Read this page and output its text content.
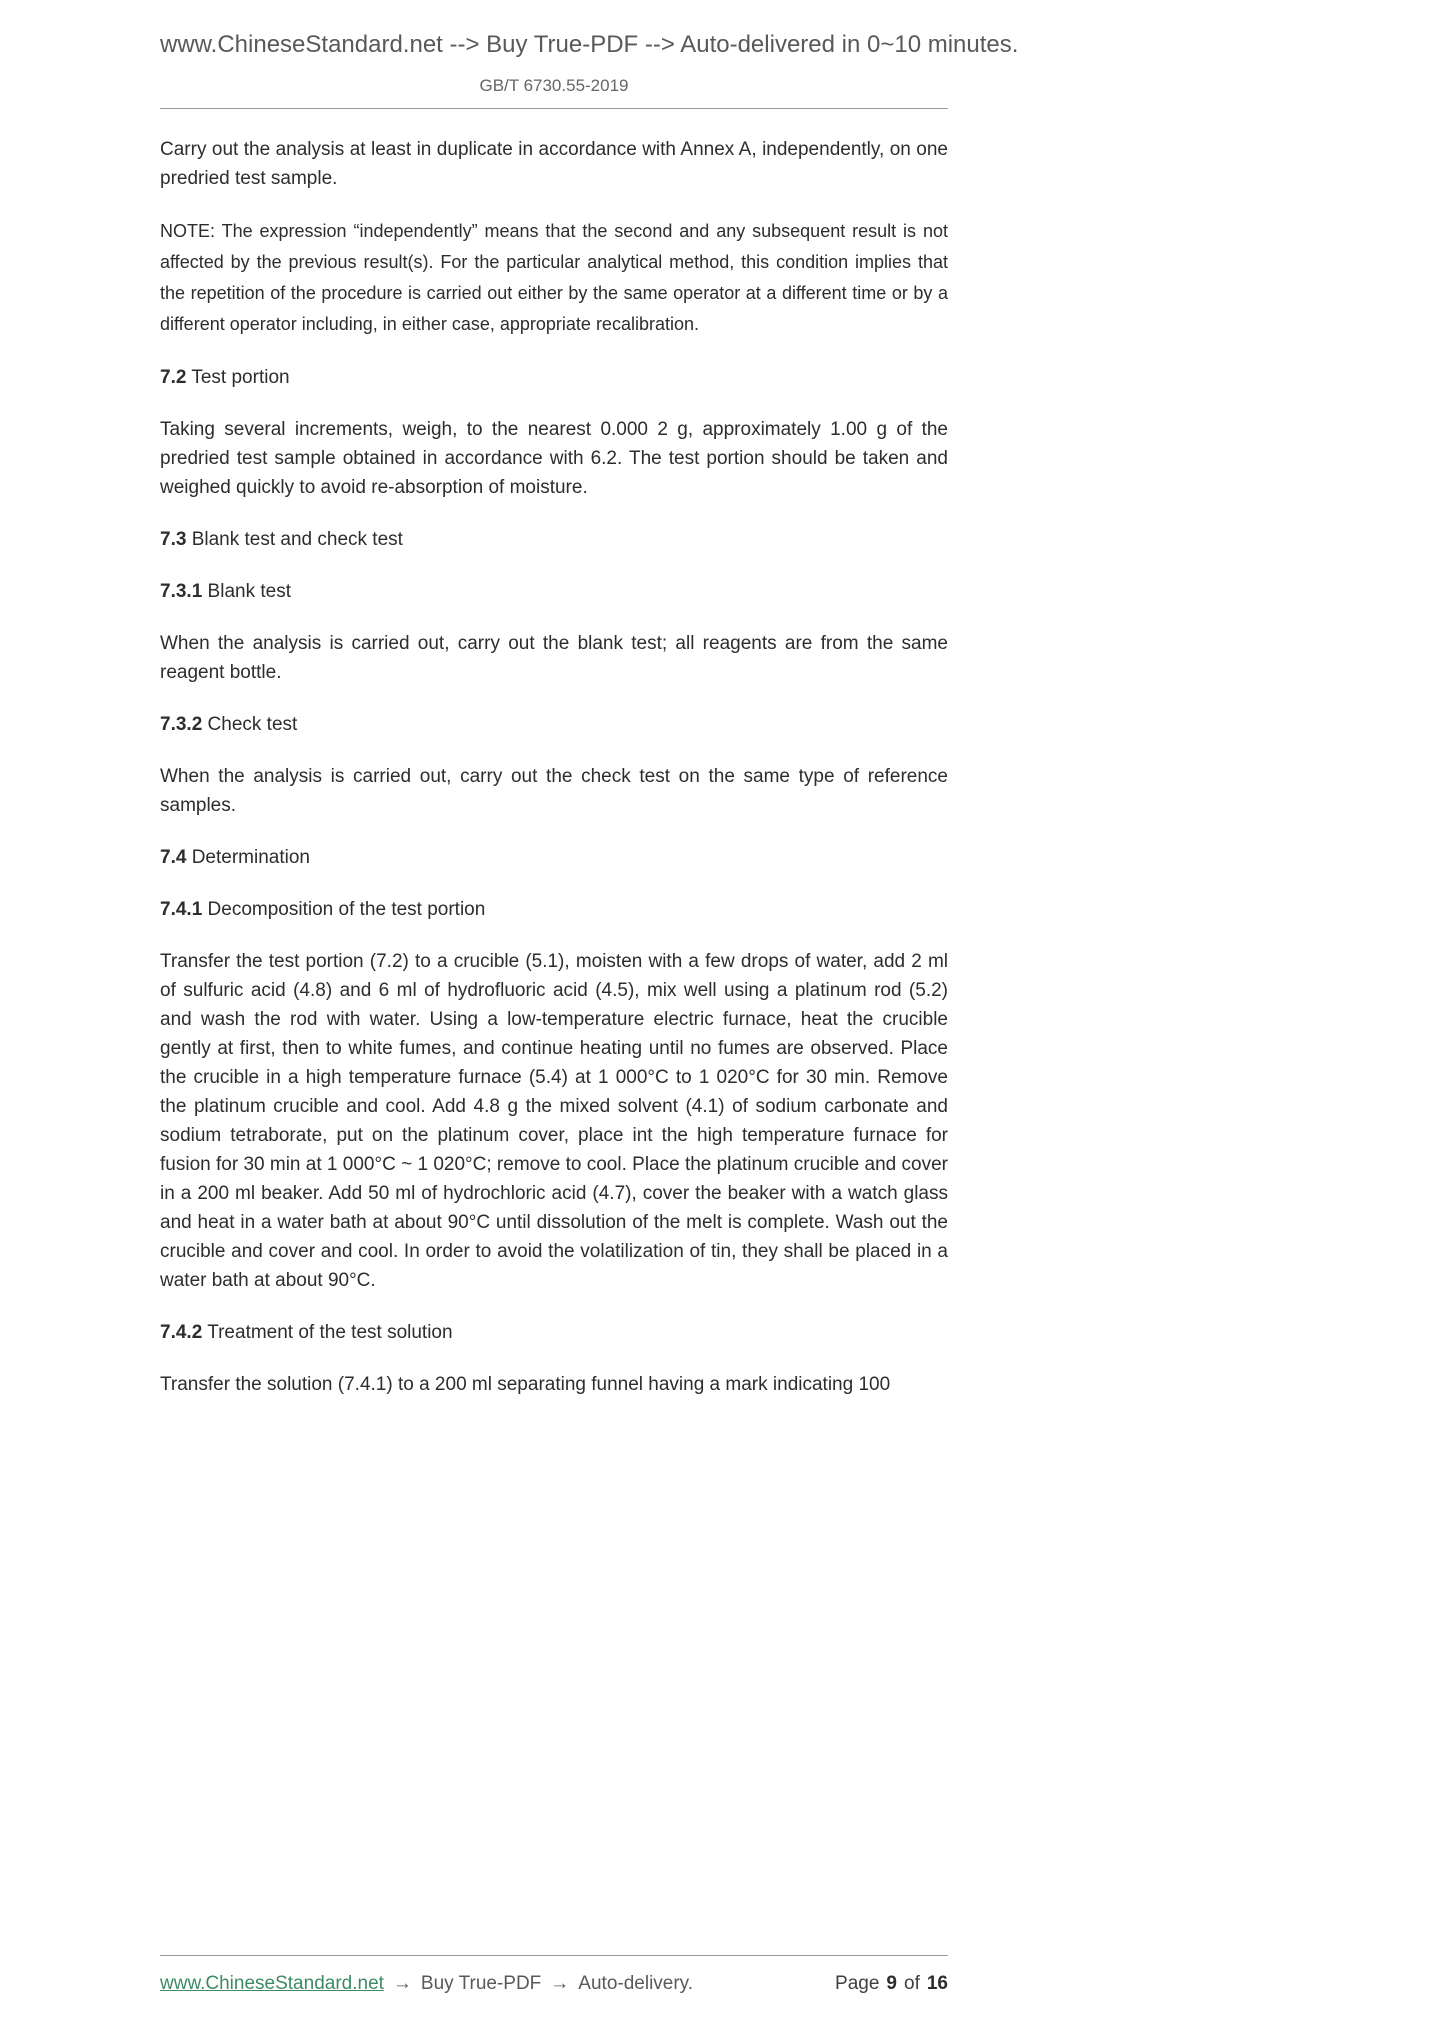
www.ChineseStandard.net --> Buy True-PDF --> Auto-delivered in 0~10 minutes.
GB/T 6730.55-2019

Carry out the analysis at least in duplicate in accordance with Annex A, independently, on one predried test sample.

NOTE: The expression “independently” means that the second and any subsequent result is not affected by the previous result(s). For the particular analytical method, this condition implies that the repetition of the procedure is carried out either by the same operator at a different time or by a different operator including, in either case, appropriate recalibration.

7.2 Test portion

Taking several increments, weigh, to the nearest 0.000 2 g, approximately 1.00 g of the predried test sample obtained in accordance with 6.2. The test portion should be taken and weighed quickly to avoid re-absorption of moisture.

7.3 Blank test and check test

7.3.1 Blank test

When the analysis is carried out, carry out the blank test; all reagents are from the same reagent bottle.

7.3.2 Check test

When the analysis is carried out, carry out the check test on the same type of reference samples.

7.4 Determination

7.4.1 Decomposition of the test portion

Transfer the test portion (7.2) to a crucible (5.1), moisten with a few drops of water, add 2 ml of sulfuric acid (4.8) and 6 ml of hydrofluoric acid (4.5), mix well using a platinum rod (5.2) and wash the rod with water. Using a low-temperature electric furnace, heat the crucible gently at first, then to white fumes, and continue heating until no fumes are observed. Place the crucible in a high temperature furnace (5.4) at 1 000°C to 1 020°C for 30 min. Remove the platinum crucible and cool. Add 4.8 g the mixed solvent (4.1) of sodium carbonate and sodium tetraborate, put on the platinum cover, place int the high temperature furnace for fusion for 30 min at 1 000°C ~ 1 020°C; remove to cool. Place the platinum crucible and cover in a 200 ml beaker. Add 50 ml of hydrochloric acid (4.7), cover the beaker with a watch glass and heat in a water bath at about 90°C until dissolution of the melt is complete. Wash out the crucible and cover and cool. In order to avoid the volatilization of tin, they shall be placed in a water bath at about 90°C.

7.4.2 Treatment of the test solution

Transfer the solution (7.4.1) to a 200 ml separating funnel having a mark indicating 100

www.ChineseStandard.net → Buy True-PDF → Auto-delivery.	Page 9 of 16
